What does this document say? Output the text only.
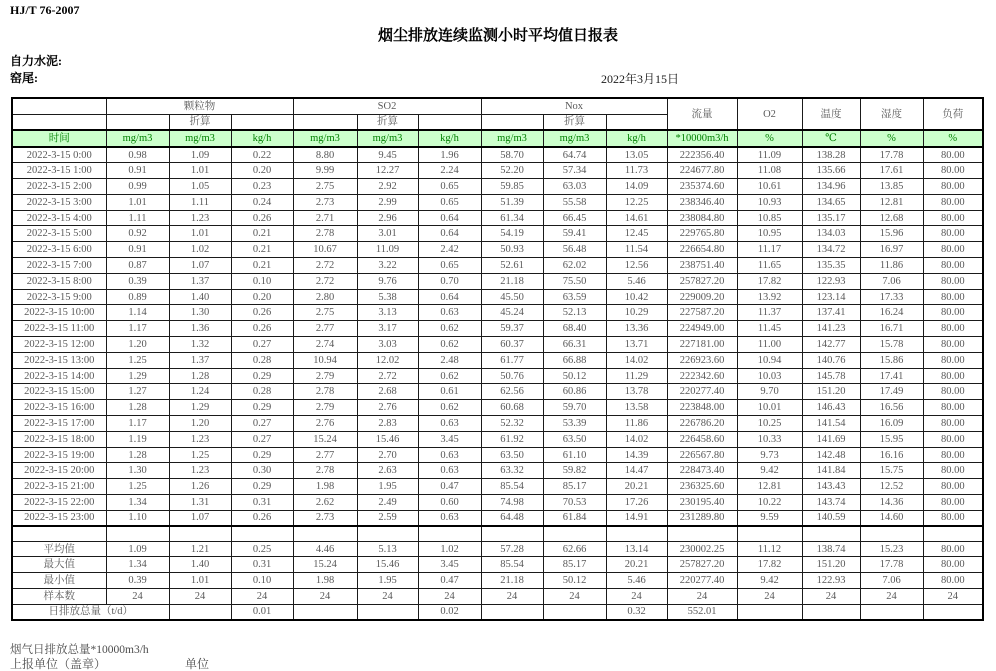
HJ/T 76-2007
烟尘排放连续监测小时平均值日报表
自力水泥:
窑尾:	2022年3月15日
	颗粒物			SO2			Nox			流量	O2	温度	湿度	负荷
		折算			折算			折算						
时间	mg/m3	mg/m3	kg/h	mg/m3	mg/m3	kg/h	mg/m3	mg/m3	kg/h	*10000m3/h	%	℃	%	%
2022-3-15 0:00	0.98	1.09	0.22	8.80	9.45	1.96	58.70	64.74	13.05	222356.40	11.09	138.28	17.78	80.00
2022-3-15 1:00	0.91	1.01	0.20	9.99	12.27	2.24	52.20	57.34	11.73	224677.80	11.08	135.66	17.61	80.00
2022-3-15 2:00	0.99	1.05	0.23	2.75	2.92	0.65	59.85	63.03	14.09	235374.60	10.61	134.96	13.85	80.00
2022-3-15 3:00	1.01	1.11	0.24	2.73	2.99	0.65	51.39	55.58	12.25	238346.40	10.93	134.65	12.81	80.00
2022-3-15 4:00	1.11	1.23	0.26	2.71	2.96	0.64	61.34	66.45	14.61	238084.80	10.85	135.17	12.68	80.00
2022-3-15 5:00	0.92	1.01	0.21	2.78	3.01	0.64	54.19	59.41	12.45	229765.80	10.95	134.03	15.96	80.00
2022-3-15 6:00	0.91	1.02	0.21	10.67	11.09	2.42	50.93	56.48	11.54	226654.80	11.17	134.72	16.97	80.00
2022-3-15 7:00	0.87	1.07	0.21	2.72	3.22	0.65	52.61	62.02	12.56	238751.40	11.65	135.35	11.86	80.00
2022-3-15 8:00	0.39	1.37	0.10	2.72	9.76	0.70	21.18	75.50	5.46	257827.20	17.82	122.93	7.06	80.00
2022-3-15 9:00	0.89	1.40	0.20	2.80	5.38	0.64	45.50	63.59	10.42	229009.20	13.92	123.14	17.33	80.00
2022-3-15 10:00	1.14	1.30	0.26	2.75	3.13	0.63	45.24	52.13	10.29	227587.20	11.37	137.41	16.24	80.00
2022-3-15 11:00	1.17	1.36	0.26	2.77	3.17	0.62	59.37	68.40	13.36	224949.00	11.45	141.23	16.71	80.00
2022-3-15 12:00	1.20	1.32	0.27	2.74	3.03	0.62	60.37	66.31	13.71	227181.00	11.00	142.77	15.78	80.00
2022-3-15 13:00	1.25	1.37	0.28	10.94	12.02	2.48	61.77	66.88	14.02	226923.60	10.94	140.76	15.86	80.00
2022-3-15 14:00	1.29	1.28	0.29	2.79	2.72	0.62	50.76	50.12	11.29	222342.60	10.03	145.78	17.41	80.00
2022-3-15 15:00	1.27	1.24	0.28	2.78	2.68	0.61	62.56	60.86	13.78	220277.40	9.70	151.20	17.49	80.00
2022-3-15 16:00	1.28	1.29	0.29	2.79	2.76	0.62	60.68	59.70	13.58	223848.00	10.01	146.43	16.56	80.00
2022-3-15 17:00	1.17	1.20	0.27	2.76	2.83	0.63	52.32	53.39	11.86	226786.20	10.25	141.54	16.09	80.00
2022-3-15 18:00	1.19	1.23	0.27	15.24	15.46	3.45	61.92	63.50	14.02	226458.60	10.33	141.69	15.95	80.00
2022-3-15 19:00	1.28	1.25	0.29	2.77	2.70	0.63	63.50	61.10	14.39	226567.80	9.73	142.48	16.16	80.00
2022-3-15 20:00	1.30	1.23	0.30	2.78	2.63	0.63	63.32	59.82	14.47	228473.40	9.42	141.84	15.75	80.00
2022-3-15 21:00	1.25	1.26	0.29	1.98	1.95	0.47	85.54	85.17	20.21	236325.60	12.81	143.43	12.52	80.00
2022-3-15 22:00	1.34	1.31	0.31	2.62	2.49	0.60	74.98	70.53	17.26	230195.40	10.22	143.74	14.36	80.00
2022-3-15 23:00	1.10	1.07	0.26	2.73	2.59	0.63	64.48	61.84	14.91	231289.80	9.59	140.59	14.60	80.00

平均值	1.09	1.21	0.25	4.46	5.13	1.02	57.28	62.66	13.14	230002.25	11.12	138.74	15.23	80.00
最大值	1.34	1.40	0.31	15.24	15.46	3.45	85.54	85.17	20.21	257827.20	17.82	151.20	17.78	80.00
最小值	0.39	1.01	0.10	1.98	1.95	0.47	21.18	50.12	5.46	220277.40	9.42	122.93	7.06	80.00
样本数	24	24	24	24	24	24	24	24	24	24	24	24	24	24
日排放总量（t/d）			0.01			0.02			0.32	552.01				
烟气日排放总量*10000m3/h
上报单位（盖章）	单位
